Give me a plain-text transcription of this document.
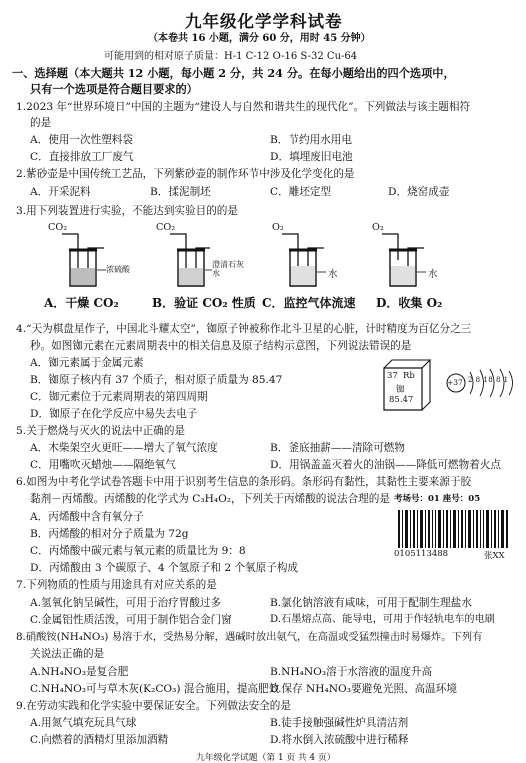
九年级化学学科试卷
（本卷共 16 小题，满分 60 分，用时 45 分钟）
可能用到的相对原子质量：H-1 C-12 O-16 S-32 Cu-64
一、选择题（本大题共 12 小题，每小题 2 分，共 24 分。在每小题给出的四个选项中，
只有一个选项是符合题目要求的）
1.2023 年“世界环境日”中国的主题为“建设人与自然和谐共生的现代化”。下列做法与该主题相符
的是
A．使用一次性塑料袋	B．节约用水用电
C．直接排放工厂废气	D．填埋废旧电池
2.紫砂壶是中国传统工艺品，下列紫砂壶的制作环节中涉及化学变化的是
A．开采泥料	B．揉泥制坯	C．雕坯定型	D．烧窑成壶
3.用下列装置进行实验，不能达到实验目的的是
CO₂
浓硫酸
A．干燥 CO₂
CO₂
澄清石灰水
B．验证 CO₂ 性质
O₂
水
C．监控气体流速
O₂
水
D．收集 O₂
4.“天为棋盘星作子，中国北斗耀太空”，铷原子钟被称作北斗卫星的心脏，计时精度为百亿分之三
秒。如图铷元素在元素周期表中的相关信息及原子结构示意图，下列说法错误的是
A．铷元素属于金属元素
B．铷原子核内有 37 个质子，相对原子质量为 85.47
C．铷元素位于元素周期表的第四周期
D．铷原子在化学反应中易失去电子
37 Rb
铷
85.47
+37 2 8 18 8 1
5.关于燃烧与灭火的说法中正确的是
A．木柴架空火更旺——增大了氧气浓度	B．釜底抽薪——清除可燃物
C．用嘴吹灭蜡烛——隔绝氧气	D．用锅盖盖灭着火的油锅——降低可燃物着火点
6.如图为中考化学试卷答题卡中用于识别考生信息的条形码。条形码有黏性，其黏性主要来源于胶
黏剂－丙烯酸。丙烯酸的化学式为 C₃H₄O₂，下列关于丙烯酸的说法合理的是
A．丙烯酸中含有氧分子
B．丙烯酸的相对分子质量为 72g
C．丙烯酸中碳元素与氧元素的质量比为 9：8
D．丙烯酸由 3 个碳原子、4 个氢原子和 2 个氧原子构成
考场号：01 座号：05
0105113488	张XX
7.下列物质的性质与用途具有对应关系的是
A.氢氧化钠呈碱性，可用于治疗胃酸过多	B.氯化钠溶液有咸味，可用于配制生理盐水
C.金属铝性质活泼，可用于制作铝合金门窗	D.石墨熔点高、能导电，可用于作轻轨电车的电刷
8.硝酸铵(NH₄NO₃) 易溶于水，受热易分解，遇碱时放出氨气，在高温或受猛烈撞击时易爆炸。下列有
关说法正确的是
A.NH₄NO₃是复合肥	B.NH₄NO₃溶于水溶液的温度升高
C.NH₄NO₃可与草木灰(K₂CO₃) 混合施用，提高肥效
D.保存 NH₄NO₃要避免光照、高温环境
9.在劳动实践和化学实验中要保证安全。下列做法安全的是
A.用氮气填充玩具气球	B.徒手接触强碱性炉具清洁剂
C.向燃着的酒精灯里添加酒精	D.将水倒入浓硫酸中进行稀释
九年级化学试题（第 1 页 共 4 页）
